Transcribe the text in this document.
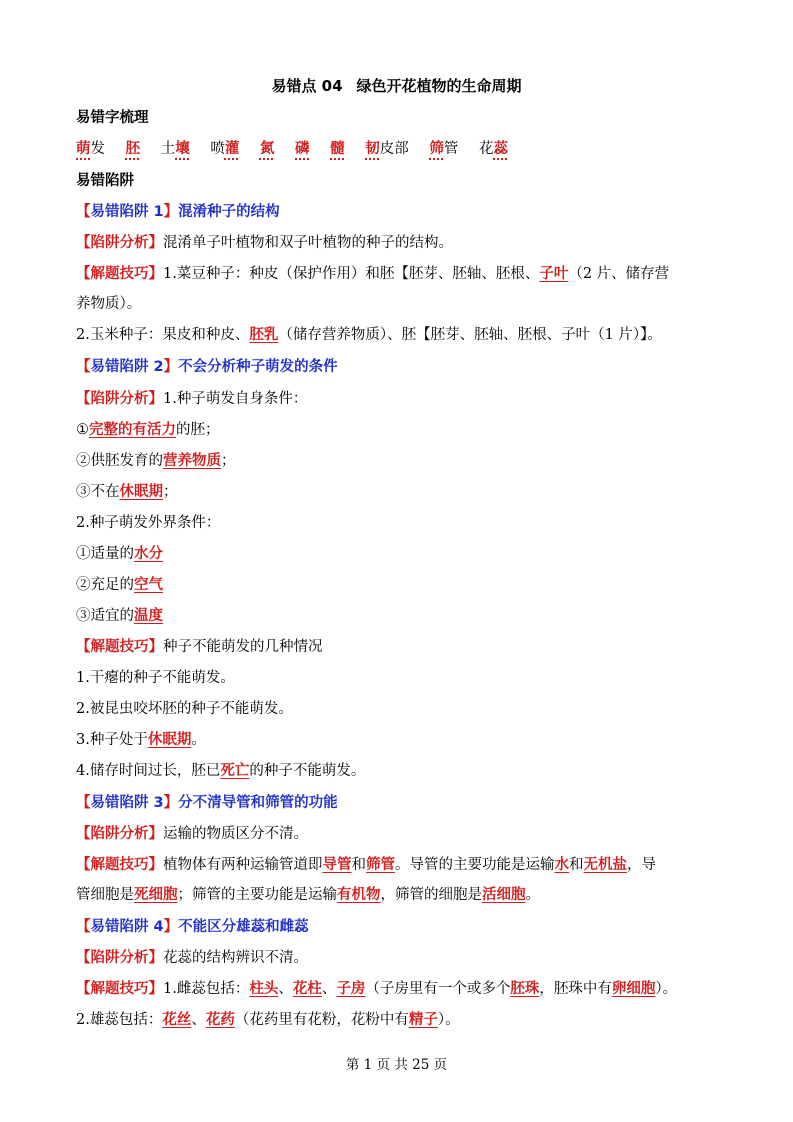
易错点 04 绿色开花植物的生命周期
易错字梳理
萌发 胚 土壤 喷灌 氮 磷 髓 韧皮部 筛管 花蕊
易错陷阱
【易错陷阱 1】混淆种子的结构
【陷阱分析】混淆单子叶植物和双子叶植物的种子的结构。
【解题技巧】1.菜豆种子：种皮（保护作用）和胚【胚芽、胚轴、胚根、子叶（2 片、储存营
养物质）。
2.玉米种子：果皮和种皮、胚乳（储存营养物质）、胚【胚芽、胚轴、胚根、子叶（1 片）】。
【易错陷阱 2】不会分析种子萌发的条件
【陷阱分析】1.种子萌发自身条件：
①完整的有活力的胚；
②供胚发育的营养物质；
③不在休眠期；
2.种子萌发外界条件：
①适量的水分
②充足的空气
③适宜的温度
【解题技巧】种子不能萌发的几种情况
1.干瘪的种子不能萌发。
2.被昆虫咬坏胚的种子不能萌发。
3.种子处于休眠期。
4.储存时间过长，胚已死亡的种子不能萌发。
【易错陷阱 3】分不清导管和筛管的功能
【陷阱分析】运输的物质区分不清。
【解题技巧】植物体有两种运输管道即导管和筛管。导管的主要功能是运输水和无机盐，导
管细胞是死细胞；筛管的主要功能是运输有机物，筛管的细胞是活细胞。
【易错陷阱 4】不能区分雄蕊和雌蕊
【陷阱分析】花蕊的结构辨识不清。
【解题技巧】1.雌蕊包括：柱头、花柱、子房（子房里有一个或多个胚珠，胚珠中有卵细胞）。
2.雄蕊包括：花丝、花药（花药里有花粉，花粉中有精子）。
第 1 页 共 25 页
